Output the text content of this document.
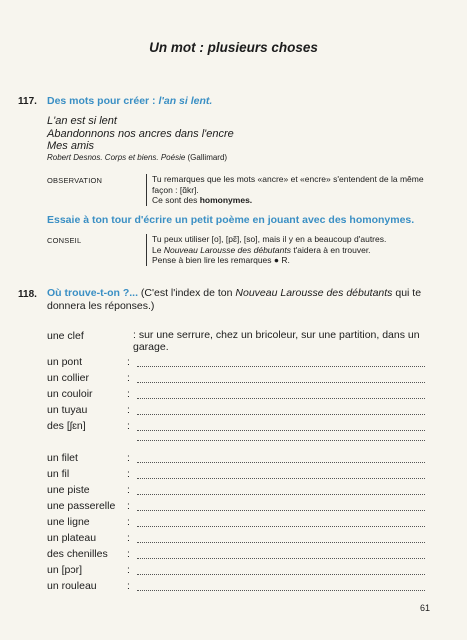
Un mot : plusieurs choses
117. Des mots pour créer : l'an si lent.
L'an est si lent
Abandonnons nos ancres dans l'encre
Mes amis
Robert Desnos. Corps et biens. Poésie (Gallimard)
OBSERVATION	Tu remarques que les mots «ancre» et «encre» s'entendent de la même façon : [ɑ̃kr].
Ce sont des homonymes.
Essaie à ton tour d'écrire un petit poème en jouant avec des homonymes.
CONSEIL	Tu peux utiliser [o], [pɛ̃], [so], mais il y en a beaucoup d'autres.
Le Nouveau Larousse des débutants t'aidera à en trouver.
Pense à bien lire les remarques ● R.
118. Où trouve-t-on ?... (C'est l'index de ton Nouveau Larousse des débutants qui te donnera les réponses.)
une clef	: sur une serrure, chez un bricoleur, sur une partition, dans un garage.
un pont	:
un collier	:
un couloir	:
un tuyau	:
des [ʃɛn]	:
un filet	:
un fil	:
une piste	:
une passerelle :
une ligne	:
un plateau	:
des chenilles :
un [pɔr]	:
un rouleau	:
61
